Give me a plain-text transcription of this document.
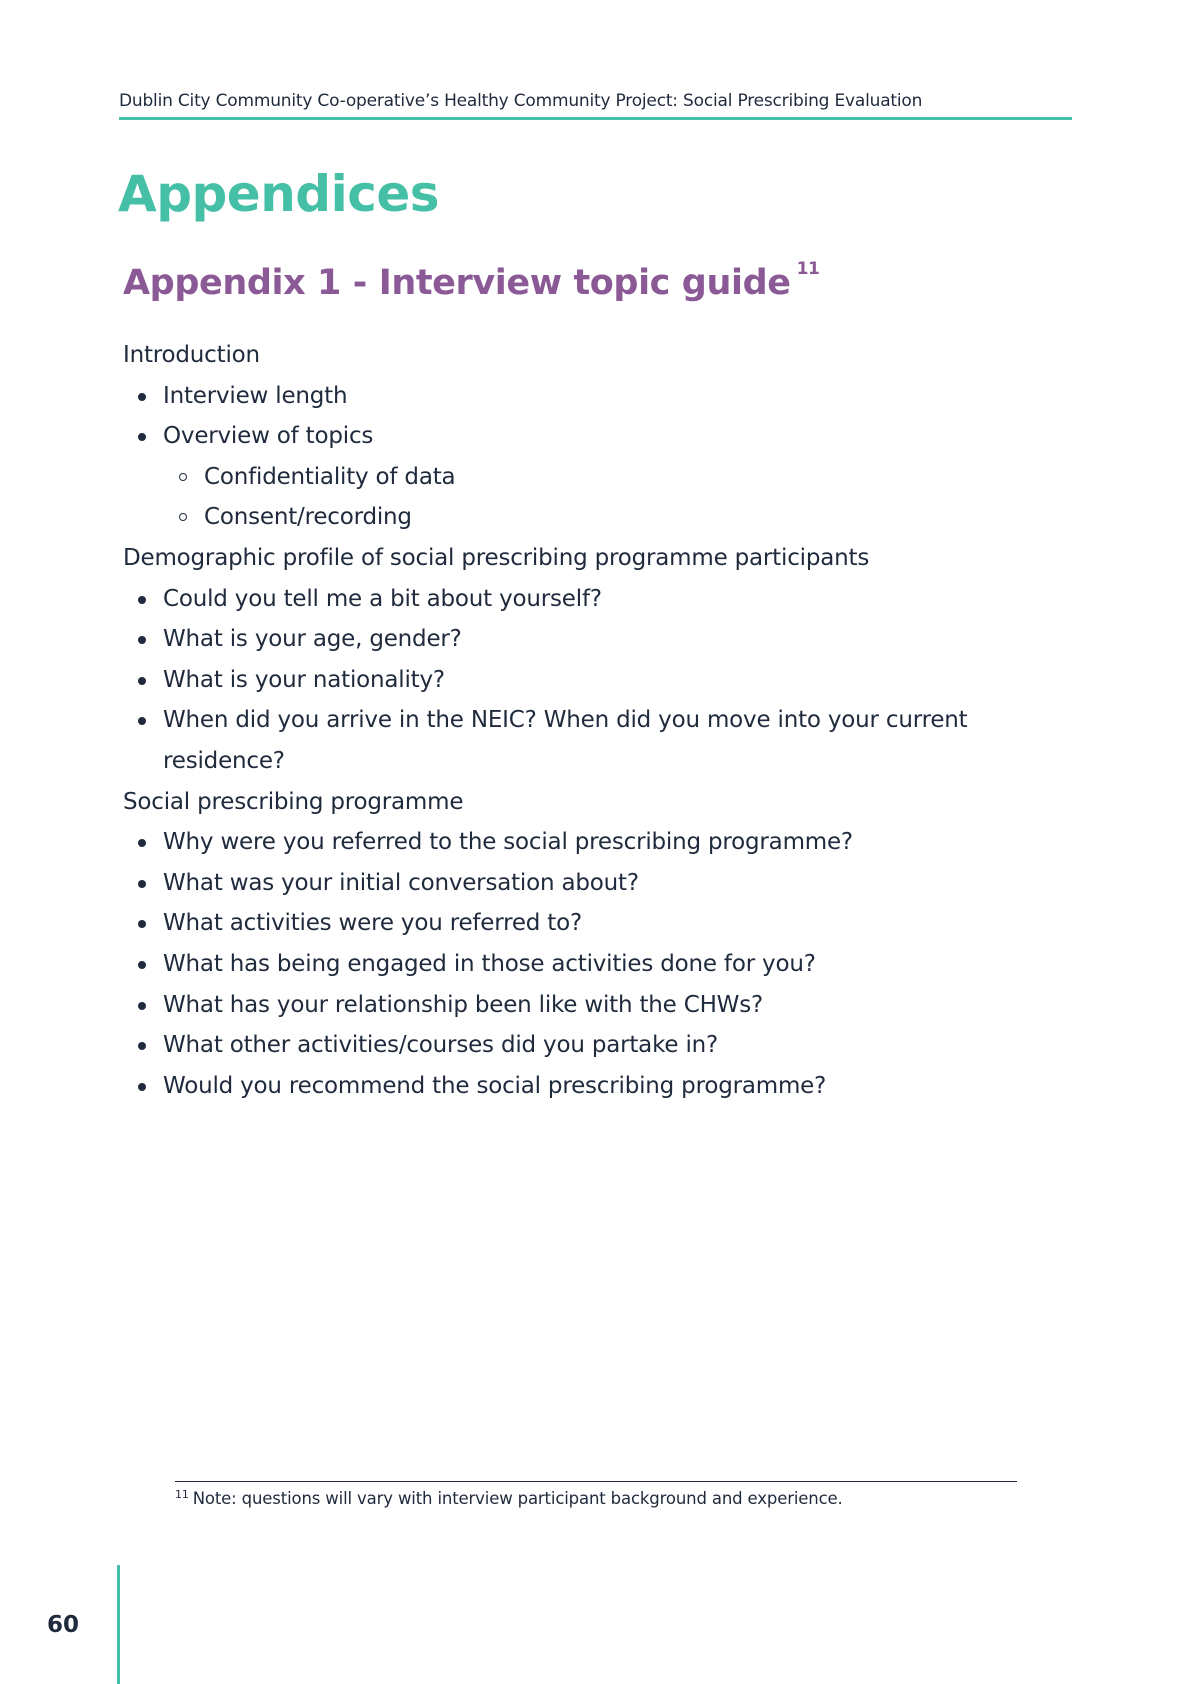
Dublin City Community Co-operative’s Healthy Community Project: Social Prescribing Evaluation
Appendices
Appendix 1 - Interview topic guide $^{11}$

Introduction

Interview length
Overview of topics
Confidentiality of data
Consent/recording

Demographic profile of social prescribing programme participants

Could you tell me a bit about yourself?
What is your age, gender?
What is your nationality?
When did you arrive in the NEIC? When did you move into your current residence?

Social prescribing programme

Why were you referred to the social prescribing programme?
What was your initial conversation about?
What activities were you referred to?
What has being engaged in those activities done for you?
What has your relationship been like with the CHWs?
What other activities/courses did you partake in?
Would you recommend the social prescribing programme?
$^{11}$ Note: questions will vary with interview participant background and experience.
60
